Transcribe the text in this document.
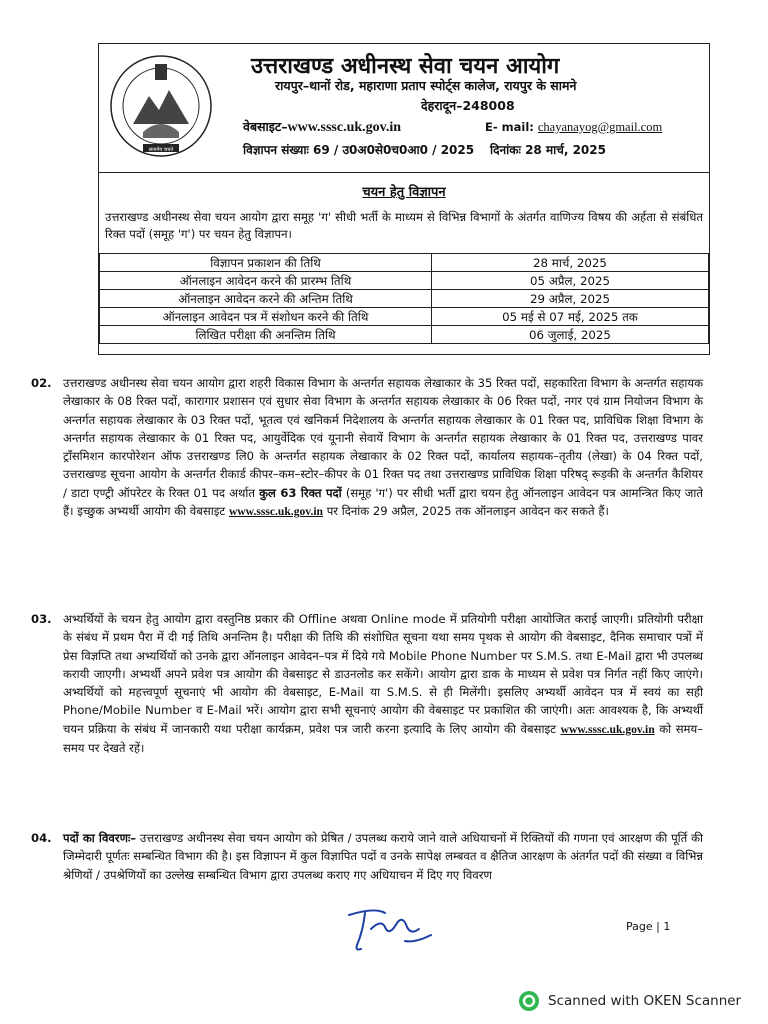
सत्यमेव जयते
उत्तराखण्ड अधीनस्थ सेवा चयन आयोग
रायपुर–थानों रोड, महाराणा प्रताप स्पोर्ट्स कालेज, रायपुर के सामने
देहरादून–248008
वेबसाइट–www.sssc.uk.gov.in	E- mail: chayanayog@gmail.com
विज्ञापन संख्याः 69 / उ0अ0से0च0आ0 / 2025 दिनांकः 28 मार्च, 2025
चयन हेतु विज्ञापन
उत्तराखण्ड अधीनस्थ सेवा चयन आयोग द्वारा समूह 'ग' सीधी भर्ती के माध्यम से विभिन्न विभागों के अंतर्गत वाणिज्य विषय की अर्हता से संबंधित रिक्त पदों (समूह 'ग') पर चयन हेतु विज्ञापन।
विज्ञापन प्रकाशन की तिथि	28 मार्च, 2025
ऑनलाइन आवेदन करने की प्रारम्भ तिथि	05 अप्रैल, 2025
ऑनलाइन आवेदन करने की अन्तिम तिथि	29 अप्रैल, 2025
ऑनलाइन आवेदन पत्र में संशोधन करने की तिथि	05 मई से 07 मई, 2025 तक
लिखित परीक्षा की अनन्तिम तिथि	06 जुलाई, 2025
02. उत्तराखण्ड अधीनस्थ सेवा चयन आयोग द्वारा शहरी विकास विभाग के अन्तर्गत सहायक लेखाकार के 35 रिक्त पदों, सहकारिता विभाग के अन्तर्गत सहायक लेखाकार के 08 रिक्त पदों, कारागार प्रशासन एवं सुधार सेवा विभाग के अन्तर्गत सहायक लेखाकार के 06 रिक्त पदों, नगर एवं ग्राम नियोजन विभाग के अन्तर्गत सहायक लेखाकार के 03 रिक्त पदों, भूतत्व एवं खनिकर्म निदेशालय के अन्तर्गत सहायक लेखाकार के 01 रिक्त पद, प्राविधिक शिक्षा विभाग के अन्तर्गत सहायक लेखाकार के 01 रिक्त पद, आयुर्वेदिक एवं यूनानी सेवायें विभाग के अन्तर्गत सहायक लेखाकार के 01 रिक्त पद, उत्तराखण्ड पावर ट्राँसमिशन कारपोरेशन ऑफ उत्तराखण्ड लि0 के अन्तर्गत सहायक लेखाकार के 02 रिक्त पदों, कार्यालय सहायक–तृतीय (लेखा) के 04 रिक्त पदों, उत्तराखण्ड सूचना आयोग के अन्तर्गत रीकार्ड कीपर–कम–स्टोर–कीपर के 01 रिक्त पद तथा उत्तराखण्ड प्राविधिक शिक्षा परिषद् रूड़की के अन्तर्गत कैशियर / डाटा एण्ट्री ऑपरेटर के रिक्त 01 पद अर्थात कुल 63 रिक्त पदों (समूह 'ग') पर सीधी भर्ती द्वारा चयन हेतु ऑनलाइन आवेदन पत्र आमन्त्रित किए जाते हैं। इच्छुक अभ्यर्थी आयोग की वेबसाइट www.sssc.uk.gov.in पर दिनांक 29 अप्रैल, 2025 तक ऑनलाइन आवेदन कर सकते हैं।
03. अभ्यर्थियों के चयन हेतु आयोग द्वारा वस्तुनिष्ठ प्रकार की Offline अथवा Online mode में प्रतियोगी परीक्षा आयोजित कराई जाएगी। प्रतियोगी परीक्षा के संबंध में प्रथम पैरा में दी गई तिथि अनन्तिम है। परीक्षा की तिथि की संशोधित सूचना यथा समय पृथक से आयोग की वेबसाइट, दैनिक समाचार पत्रों में प्रेस विज्ञप्ति तथा अभ्यर्थियों को उनके द्वारा ऑनलाइन आवेदन–पत्र में दिये गये Mobile Phone Number पर S.M.S. तथा E-Mail द्वारा भी उपलब्ध करायी जाएगी। अभ्यर्थी अपने प्रवेश पत्र आयोग की वेबसाइट से डाउनलोड कर सकेंगे। आयोग द्वारा डाक के माध्यम से प्रवेश पत्र निर्गत नहीं किए जाएंगे। अभ्यर्थियों को महत्त्वपूर्ण सूचनाएं भी आयोग की वेबसाइट, E-Mail या S.M.S. से ही मिलेंगी। इसलिए अभ्यर्थी आवेदन पत्र में स्वयं का सही Phone/Mobile Number व E-Mail भरें। आयोग द्वारा सभी सूचनाएं आयोग की वेबसाइट पर प्रकाशित की जाएंगी। अतः आवश्यक है, कि अभ्यर्थी चयन प्रक्रिया के संबंध में जानकारी यथा परीक्षा कार्यक्रम, प्रवेश पत्र जारी करना इत्यादि के लिए आयोग की वेबसाइट www.sssc.uk.gov.in को समय–समय पर देखते रहें।
04. पदों का विवरणः– उत्तराखण्ड अधीनस्थ सेवा चयन आयोग को प्रेषित / उपलब्ध कराये जाने वाले अधियाचनों में रिक्तियों की गणना एवं आरक्षण की पूर्ति की जिम्मेदारी पूर्णतः सम्बन्धित विभाग की है। इस विज्ञापन में कुल विज्ञापित पदों व उनके सापेक्ष लम्बवत व क्षैतिज आरक्षण के अंतर्गत पदों की संख्या व विभिन्न श्रेणियों / उपश्रेणियों का उल्लेख सम्बन्धित विभाग द्वारा उपलब्ध कराए गए अधियाचन में दिए गए विवरण
Page | 1
Scanned with OKEN Scanner
